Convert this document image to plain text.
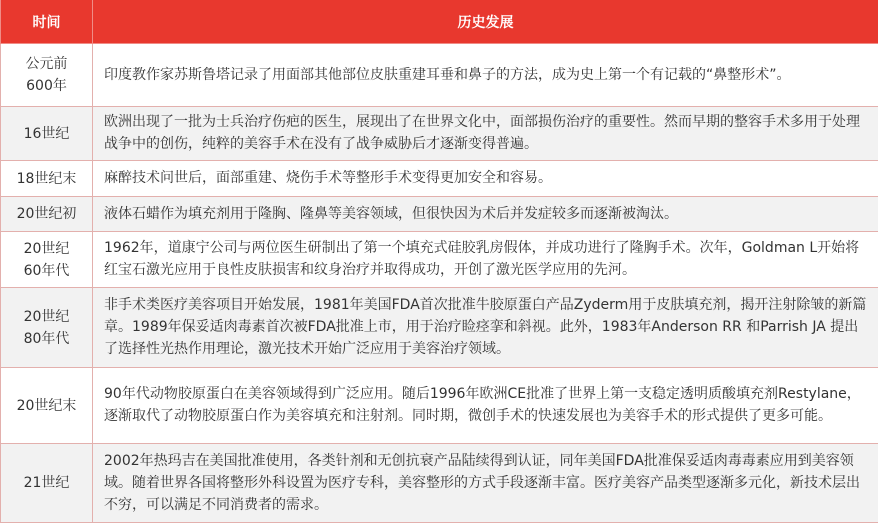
时间	历史发展
公元前
600年	印度教作家苏斯鲁塔记录了用面部其他部位皮肤重建耳垂和鼻子的方法，成为史上第一个有记载的“鼻整形术”。
16世纪	欧洲出现了一批为士兵治疗伤疤的医生，展现出了在世界文化中，面部损伤治疗的重要性。然而早期的整容手术多用于处理战争中的创伤，纯粹的美容手术在没有了战争威胁后才逐渐变得普遍。
18世纪末	麻醉技术问世后，面部重建、烧伤手术等整形手术变得更加安全和容易。
20世纪初	液体石蜡作为填充剂用于隆胸、隆鼻等美容领域，但很快因为术后并发症较多而逐渐被淘汰。
20世纪
60年代	1962年，道康宁公司与两位医生研制出了第一个填充式硅胶乳房假体，并成功进行了隆胸手术。次年，Goldman L开始将红宝石激光应用于良性皮肤损害和纹身治疗并取得成功，开创了激光医学应用的先河。
20世纪
80年代	非手术类医疗美容项目开始发展，1981年美国FDA首次批准牛胶原蛋白产品Zyderm用于皮肤填充剂，揭开注射除皱的新篇章。1989年保妥适肉毒素首次被FDA批准上市，用于治疗睑痉挛和斜视。此外，1983年Anderson RR 和Parrish JA 提出了选择性光热作用理论，激光技术开始广泛应用于美容治疗领域。
20世纪末	90年代动物胶原蛋白在美容领域得到广泛应用。随后1996年欧洲CE批准了世界上第一支稳定透明质酸填充剂Restylane，逐渐取代了动物胶原蛋白作为美容填充和注射剂。同时期，微创手术的快速发展也为美容手术的形式提供了更多可能。
21世纪	2002年热玛吉在美国批准使用，各类针剂和无创抗衰产品陆续得到认证，同年美国FDA批准保妥适肉毒毒素应用到美容领域。随着世界各国将整形外科设置为医疗专科，美容整形的方式手段逐渐丰富。医疗美容产品类型逐渐多元化，新技术层出不穷，可以满足不同消费者的需求。
